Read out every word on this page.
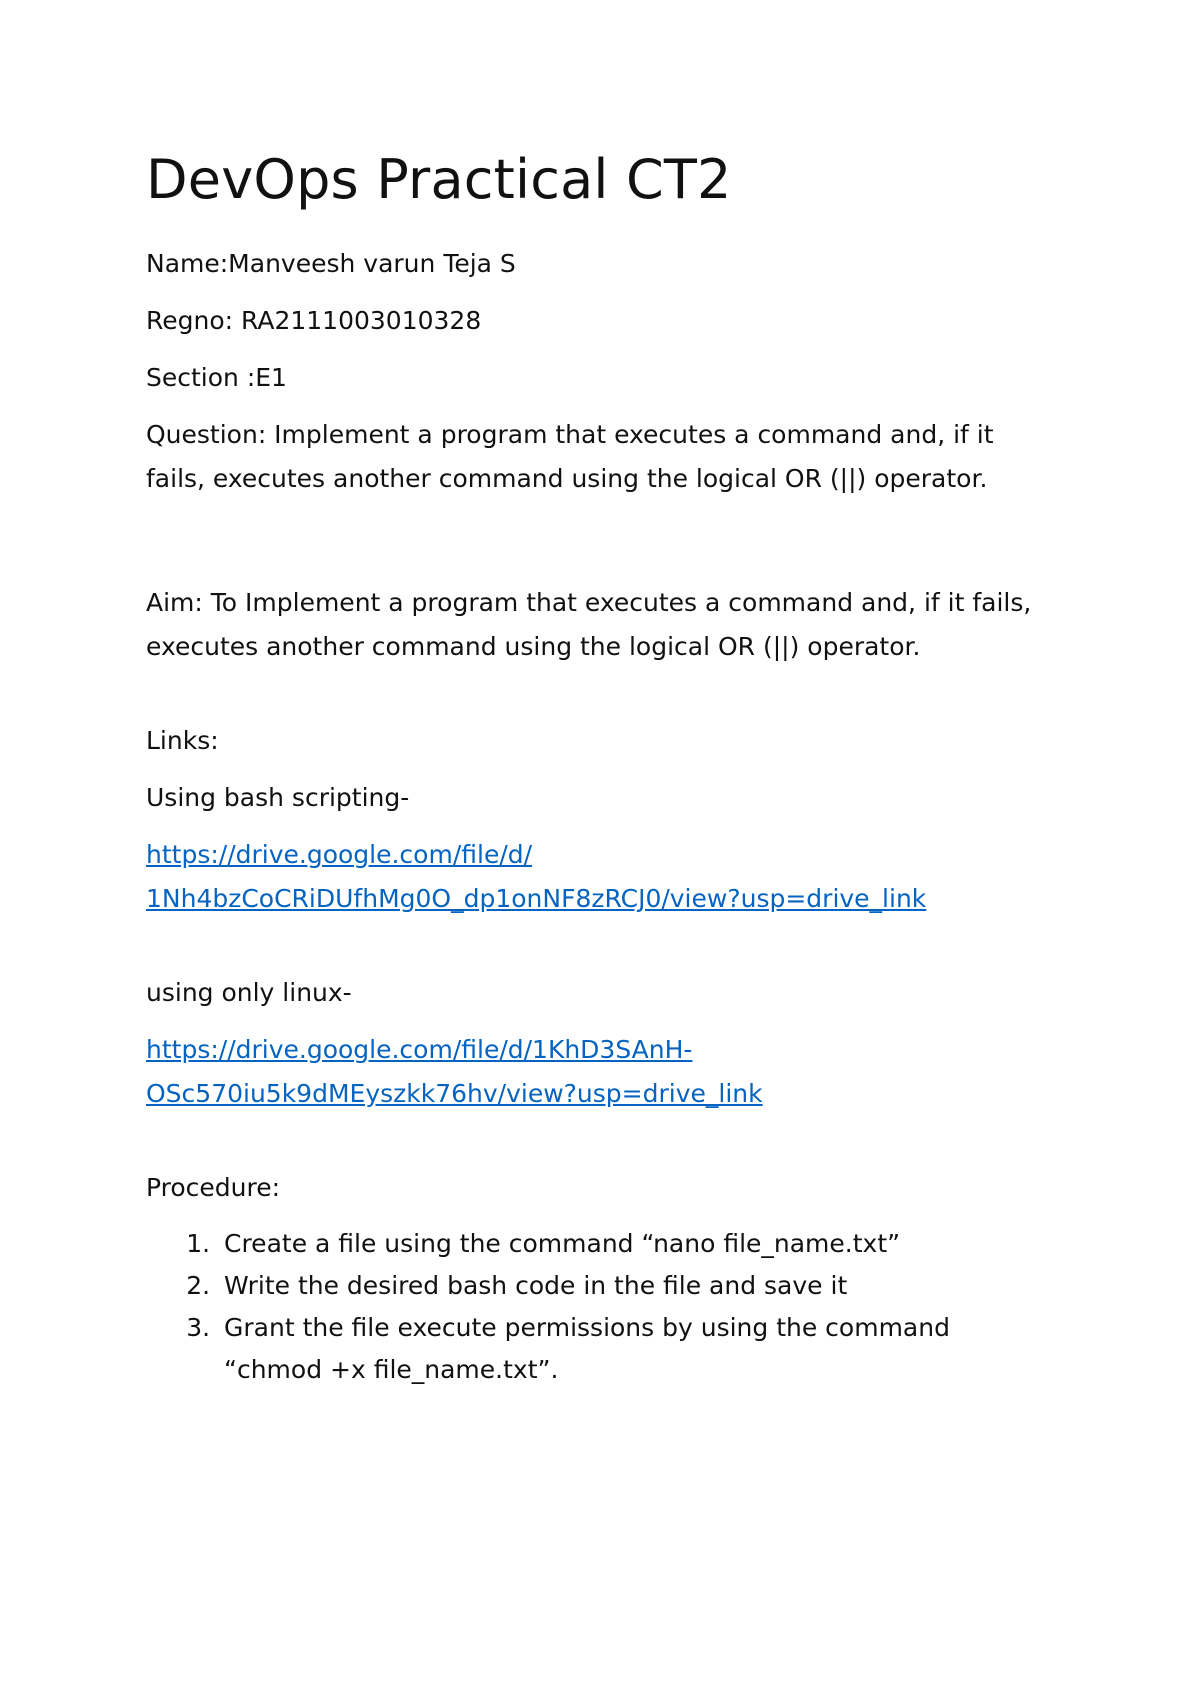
DevOps Practical CT2

Name:Manveesh varun Teja S

Regno: RA2111003010328

Section :E1

Question: Implement a program that executes a command and, if it fails, executes another command using the logical OR (||) operator.

Aim: To Implement a program that executes a command and, if it fails, executes another command using the logical OR (||) operator.

Links:

Using bash scripting-

https://drive.google.com/file/d/
1Nh4bzCoCRiDUfhMg0O_dp1onNF8zRCJ0/view?usp=drive_link

using only linux-

https://drive.google.com/file/d/1KhD3SAnH-
OSc570iu5k9dMEyszkk76hv/view?usp=drive_link

Procedure:

1. Create a file using the command “nano file_name.txt”
2. Write the desired bash code in the file and save it
3. Grant the file execute permissions by using the command “chmod +x file_name.txt”.
